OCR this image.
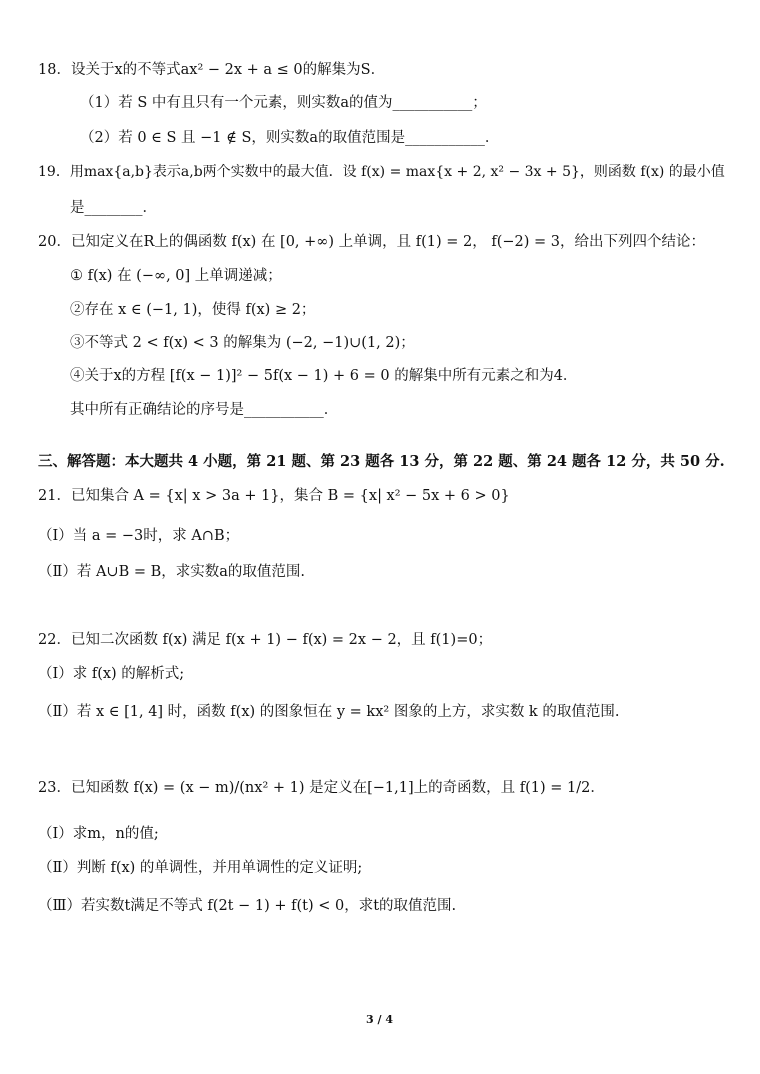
18．设关于x的不等式ax² − 2x + a ≤ 0的解集为S．
（1）若 S 中有且只有一个元素，则实数a的值为___________；
（2）若 0 ∈ S 且 −1 ∉ S，则实数a的取值范围是___________．
19．用max{a,b}表示a,b两个实数中的最大值．设 f(x) = max{x + 2, x² − 3x + 5}，则函数 f(x) 的最小值
是________．
20．已知定义在R上的偶函数 f(x) 在 [0, +∞) 上单调，且 f(1) = 2， f(−2) = 3，给出下列四个结论：
① f(x) 在 (−∞, 0] 上单调递减；
②存在 x ∈ (−1, 1)，使得 f(x) ≥ 2；
③不等式 2 < f(x) < 3 的解集为 (−2, −1)∪(1, 2)；
④关于x的方程 [f(x − 1)]² − 5f(x − 1) + 6 = 0 的解集中所有元素之和为4．
其中所有正确结论的序号是___________．
三、解答题：本大题共 4 小题，第 21 题、第 23 题各 13 分，第 22 题、第 24 题各 12 分，共 50 分.
21．已知集合 A = {x| x > 3a + 1}，集合 B = {x| x² − 5x + 6 > 0}
（Ⅰ）当 a = −3时，求 A∩B；
（Ⅱ）若 A∪B = B，求实数a的取值范围.
22．已知二次函数 f(x) 满足 f(x + 1) − f(x) = 2x − 2，且 f(1)=0；
（Ⅰ）求 f(x) 的解析式;
（Ⅱ）若 x ∈ [1, 4] 时，函数 f(x) 的图象恒在 y = kx² 图象的上方，求实数 k 的取值范围.
23．已知函数 f(x) = (x − m)/(nx² + 1) 是定义在[−1,1]上的奇函数，且 f(1) = 1/2．
（Ⅰ）求m，n的值;
（Ⅱ）判断 f(x) 的单调性，并用单调性的定义证明;
（Ⅲ）若实数t满足不等式 f(2t − 1) + f(t) < 0，求t的取值范围.
3 / 4
